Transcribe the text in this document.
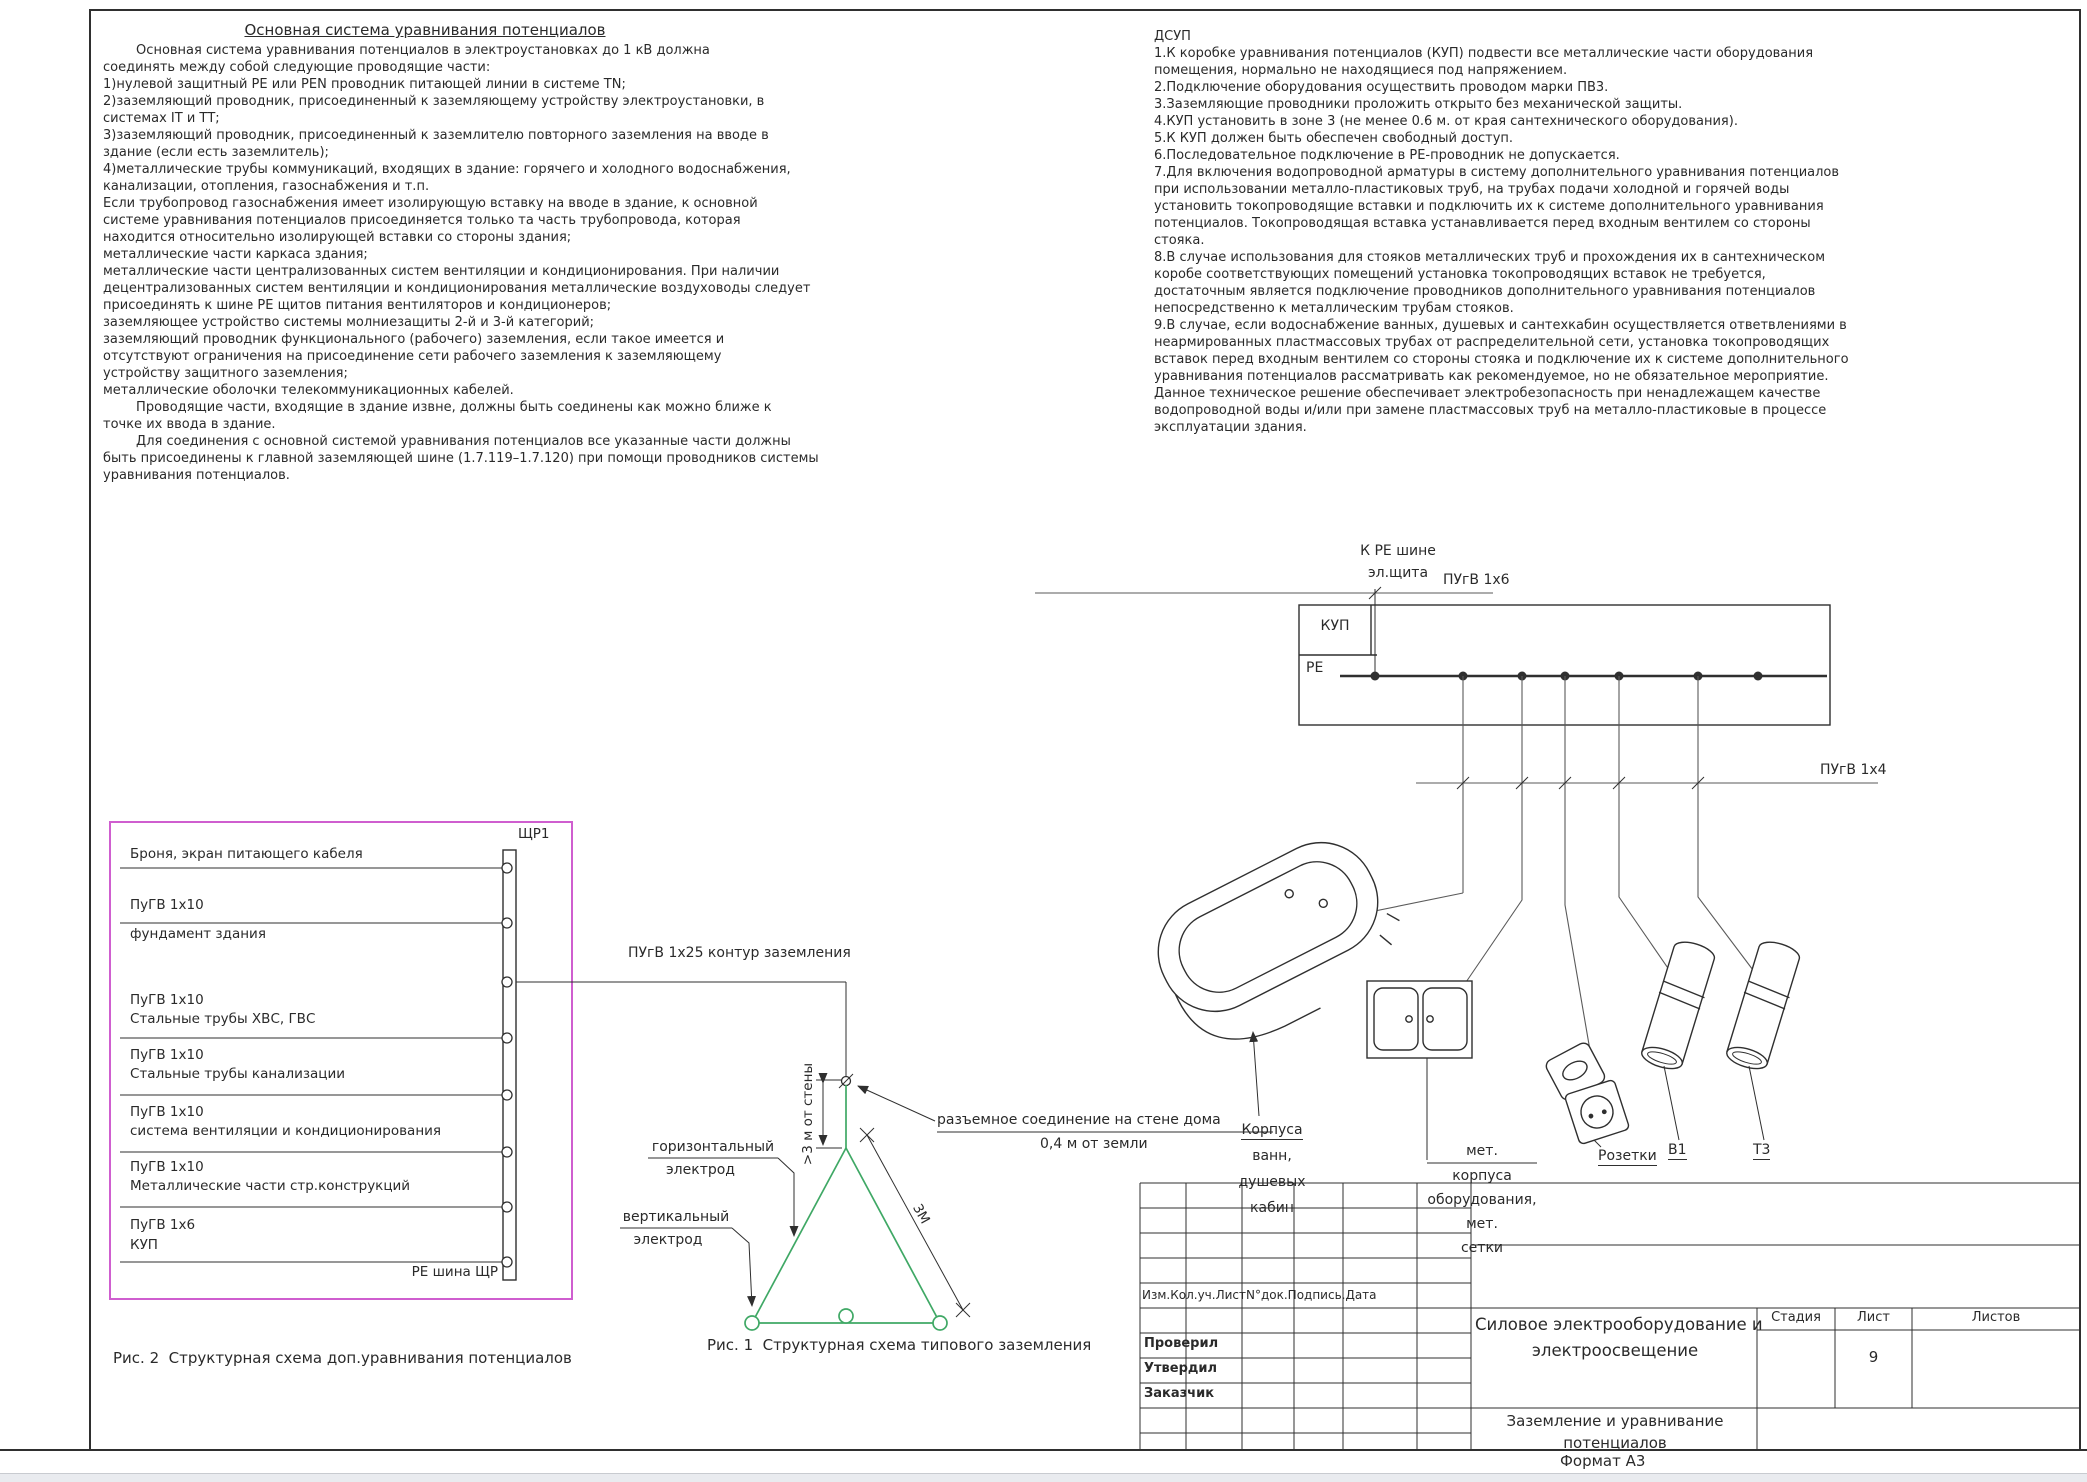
Основная система уравнивания потенциалов
Основная система уравнивания потенциалов в электроустановках до 1 кВ должна
соединять между собой следующие проводящие части:
1)нулевой защитный РЕ или PEN проводник питающей линии в системе TN;
2)заземляющий проводник, присоединенный к заземляющему устройству электроустановки, в
системах IT и ТТ;
3)заземляющий проводник, присоединенный к заземлителю повторного заземления на вводе в
здание (если есть заземлитель);
4)металлические трубы коммуникаций, входящих в здание: горячего и холодного водоснабжения,
канализации, отопления, газоснабжения и т.п.
Если трубопровод газоснабжения имеет изолирующую вставку на вводе в здание, к основной
системе уравнивания потенциалов присоединяется только та часть трубопровода, которая
находится относительно изолирующей вставки со стороны здания;
металлические части каркаса здания;
металлические части централизованных систем вентиляции и кондиционирования. При наличии
децентрализованных систем вентиляции и кондиционирования металлические воздуховоды следует
присоединять к шине РЕ щитов питания вентиляторов и кондиционеров;
заземляющее устройство системы молниезащиты 2-й и 3-й категорий;
заземляющий проводник функционального (рабочего) заземления, если такое имеется и
отсутствуют ограничения на присоединение сети рабочего заземления к заземляющему
устройству защитного заземления;
металлические оболочки телекоммуникационных кабелей.
Проводящие части, входящие в здание извне, должны быть соединены как можно ближе к
точке их ввода в здание.
Для соединения с основной системой уравнивания потенциалов все указанные части должны
быть присоединены к главной заземляющей шине (1.7.119–1.7.120) при помощи проводников системы
уравнивания потенциалов.
ДСУП
1.К коробке уравнивания потенциалов (КУП) подвести все металлические части оборудования
помещения, нормально не находящиеся под напряжением.
2.Подключение оборудования осуществить проводом марки ПВ3.
3.Заземляющие проводники проложить открыто без механической защиты.
4.КУП установить в зоне 3 (не менее 0.6 м. от края сантехнического оборудования).
5.К КУП должен быть обеспечен свободный доступ.
6.Последовательное подключение в РЕ-проводник не допускается.
7.Для включения водопроводной арматуры в систему дополнительного уравнивания потенциалов
при использовании металло-пластиковых труб, на трубах подачи холодной и горячей воды
установить токопроводящие вставки и подключить их к системе дополнительного уравнивания
потенциалов. Токопроводящая вставка устанавливается перед входным вентилем со стороны
стояка.
8.В случае использования для стояков металлических труб и прохождения их в сантехническом
коробе соответствующих помещений установка токопроводящих вставок не требуется,
достаточным является подключение проводников дополнительного уравнивания потенциалов
непосредственно к металлическим трубам стояков.
9.В случае, если водоснабжение ванных, душевых и сантехкабин осуществляется ответвлениями в
неармированных пластмассовых трубах от распределительной сети, установка токопроводящих
вставок перед входным вентилем со стороны стояка и подключение их к системе дополнительного
уравнивания потенциалов рассматривать как рекомендуемое, но не обязательное мероприятие.
Данное техническое решение обеспечивает электробезопасность при ненадлежащем качестве
водопроводной воды и/или при замене пластмассовых труб на металло-пластиковые в процессе
эксплуатации здания.
ЩР1
Броня, экран питающего кабеля
ПуГВ 1х10
фундамент здания
ПуГВ 1х10
Стальные трубы ХВС, ГВС
ПуГВ 1х10
Стальные трубы канализации
ПуГВ 1х10
система вентиляции и кондиционирования
ПуГВ 1х10
Металлические части стр.конструкций
ПуГВ 1х6
КУП
РЕ шина ЩР
Рис. 2  Структурная схема доп.уравнивания потенциалов
ПУгВ 1х25 контур заземления
>3 м от стены
3М
разъемное соединение на стене дома
0,4 м от земли
горизонтальный
электрод
вертикальный
электрод
Рис. 1  Структурная схема типового заземления
К РЕ шине
эл.щита	ПУгВ 1х6
КУП
РЕ
ПУгВ 1х4
Корпуса
ванн,
душевых
кабин
мет.
корпуса
оборудования,
мет.
сетки
Розетки В1	Т3
Изм.Кол.уч.ЛистN°док.Подпись.Дата
Проверил
Утвердил
Заказчик
Силовое электрооборудование и
электроосвещение
Стадия	Лист	Листов
9
Заземление и уравнивание
потенциалов
Формат А3
